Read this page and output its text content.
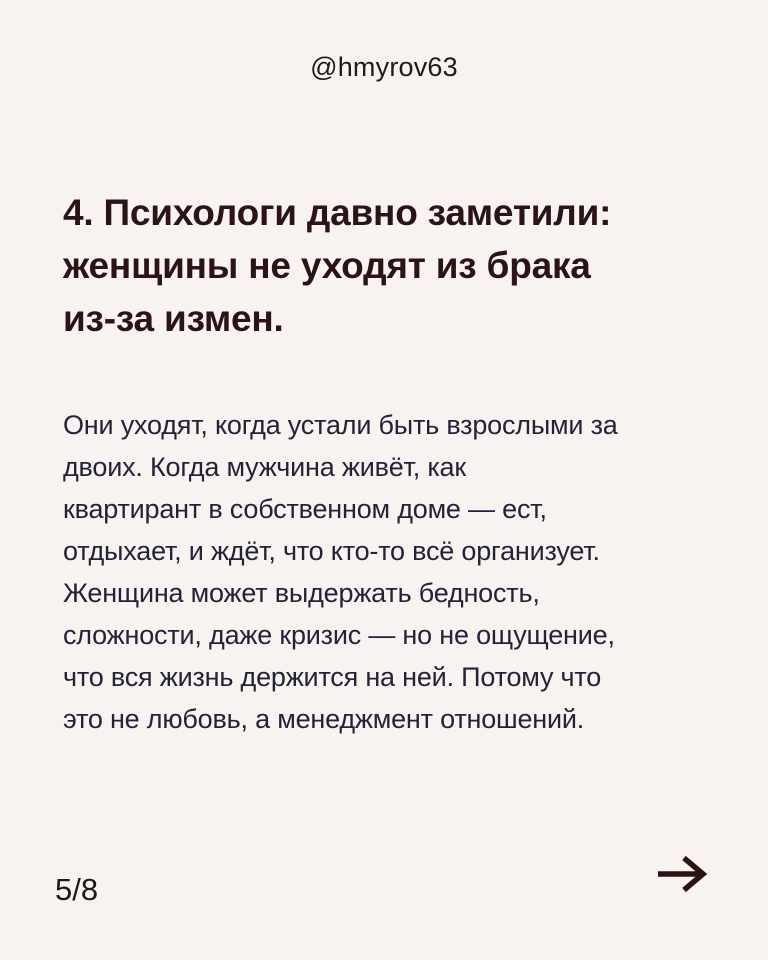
@hmyrov63
4. Психологи давно заметили:
женщины не уходят из брака
из-за измен.

Они уходят, когда устали быть взрослыми за
двоих. Когда мужчина живёт, как
квартирант в собственном доме — ест,
отдыхает, и ждёт, что кто-то всё организует.
Женщина может выдержать бедность,
сложности, даже кризис — но не ощущение,
что вся жизнь держится на ней. Потому что
это не любовь, а менеджмент отношений.

5/8
